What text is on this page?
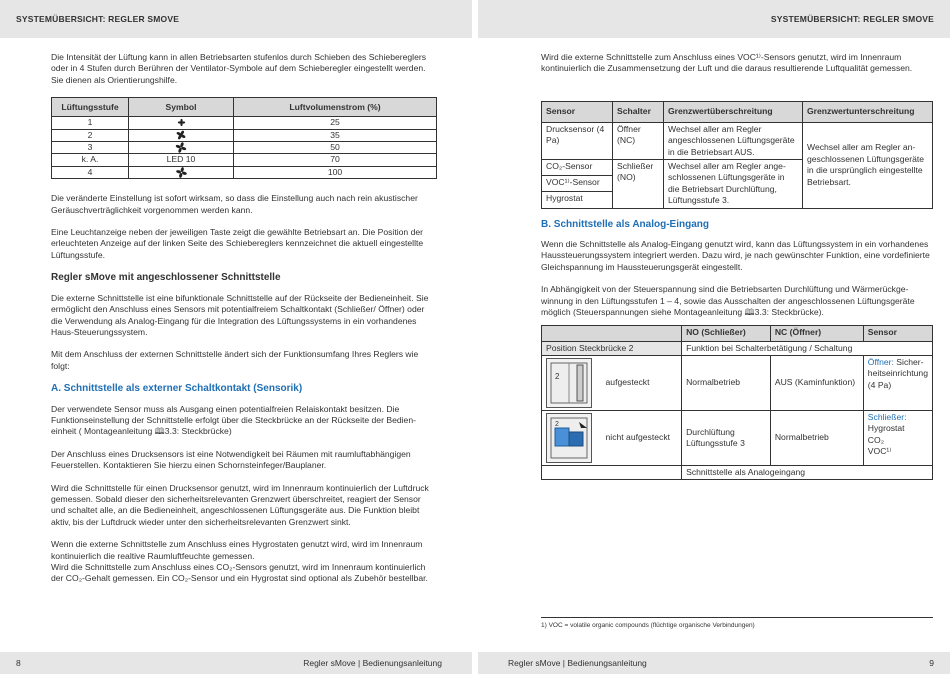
SYSTEMÜBERSICHT: REGLER SMOVE	SYSTEMÜBERSICHT: REGLER SMOVE

Die Intensität der Lüftung kann in allen Betriebsarten stufenlos durch Schieben des Schiebereglers oder in 4 Stufen durch Berühren der Ventilator-Symbole auf dem Schieberegler eingestellt werden. Sie dienen als Orientierungshilfe.

Lüftungsstufe	Symbol	Luftvolumenstrom (%)
1		25
2		35
3		50
k. A.	LED 10	70
4		100

Die veränderte Einstellung ist sofort wirksam, so dass die Einstellung auch nach rein akustischer Geräuschverträglichkeit vorgenommen werden kann.

Eine Leuchtanzeige neben der jeweiligen Taste zeigt die gewählte Betriebsart an. Die Position der erleuchteten Anzeige auf der linken Seite des Schiebereglers kennzeichnet die aktuell eingestellte Lüftungsstufe.

Regler sMove mit angeschlossener Schnittstelle

Die externe Schnittstelle ist eine bifunktionale Schnittstelle auf der Rückseite der Bedieneinheit. Sie ermöglicht den Anschluss eines Sensors mit potentialfreiem Schaltkontakt (Schließer/ Öffner) oder die Verwendung als Analog-Eingang für die Integration des Lüftungssystems in ein vorhandenes Haus-Steuerungssystem.

Mit dem Anschluss der externen Schnittstelle ändert sich der Funktionsumfang Ihres Reglers wie folgt:

A. Schnittstelle als externer Schaltkontakt (Sensorik)

Der verwendete Sensor muss als Ausgang einen potentialfreien Relaiskontakt besitzen. Die Funktionseinstellung der Schnittstelle erfolgt über die Steckbrücke an der Rückseite der Bedieneinheit ( Montageanleitung 🕮3.3: Steckbrücke)

Der Anschluss eines Drucksensors ist eine Notwendigkeit bei Räumen mit raumluftabhängigen Feuerstellen. Kontaktieren Sie hierzu einen Schornsteinfeger/Bauplaner.

Wird die Schnittstelle für einen Drucksensor genutzt, wird im Innenraum kontinuierlich der Luftdruck gemessen. Sobald dieser den sicherheitsrelevanten Grenzwert überschreitet, reagiert der Sensor und schaltet alle, an die Bedieneinheit, angeschlossenen Lüftungsgeräte aus. Die Funktion bleibt aktiv, bis der Luftdruck wieder unter den sicherheitsrelevanten Grenzwert sinkt.

Wenn die externe Schnittstelle zum Anschluss eines Hygrostaten genutzt wird, wird im Innenraum kontinuierlich die realtive Raumluftfeuchte gemessen.

Wird die Schnittstelle zum Anschluss eines CO₂-Sensors genutzt, wird im Innenraum kontinuierlich der CO₂-Gehalt gemessen. Ein CO₂-Sensor und ein Hygrostat sind optional als Zubehör bestellbar.

Wird die externe Schnittstelle zum Anschluss eines VOC¹⁾-Sensors genutzt, wird im Innenraum kontinuierlich die Zusammensetzung der Luft und die daraus resultierende Luftqualität gemessen.

Sensor	Schalter	Grenzwertüberschreitung	Grenzwertunterschreitung
Drucksensor (4 Pa)	Öffner (NC)	Wechsel aller am Regler angeschlossenen Lüftungsgeräte in die Betriebsart AUS.	Wechsel aller am Regler angeschlossenen Lüftungsgeräte in die ursprünglich eingestellte Betriebsart.
CO₂-Sensor	Schließer (NO)	Wechsel aller am Regler angeschlossenen Lüftungsgeräte in die Betriebsart Durchlüftung, Lüftungsstufe 3.	
VOC¹⁾-Sensor			
Hygrostat			
B. Schnittstelle als Analog-Eingang

Wenn die Schnittstelle als Analog-Eingang genutzt wird, kann das Lüftungssystem in ein vorhandenes Haussteuerungssystem integriert werden. Dazu wird, je nach gewünschter Funktion, eine vordefinierte Gleichspannung im Haussteuerungsgerät eingestellt.

In Abhängigkeit von der Steuerspannung sind die Betriebsarten Durchlüftung und Wärmerückgewinnung in den Lüftungsstufen 1 – 4, sowie das Ausschalten der angeschlossenen Lüftungsgeräte möglich (Steuerspannungen siehe Montageanleitung 🕮3.3: Steckbrücke).

		NO (Schließer)	NC (Öffner)	Sensor
Position Steckbrücke 2		Funktion bei Schalterbetätigung / Schaltung		

2	aufgesteckt	Normalbetrieb	AUS (Kaminfunktion)	Öffner: Sicherheitseinrichtung (4 Pa)

2	nicht aufgesteckt	Durchlüftung Lüftungsstufe 3	Normalbetrieb	Schließer:
Hygrostat
CO₂
VOC¹⁾

		Schnittstelle als Analogeingang		
1) VOC = volatile organic compounds (flüchtige organische Verbindungen)
8	Regler sMove | Bedienungsanleitung	Regler sMove | Bedienungsanleitung	9
